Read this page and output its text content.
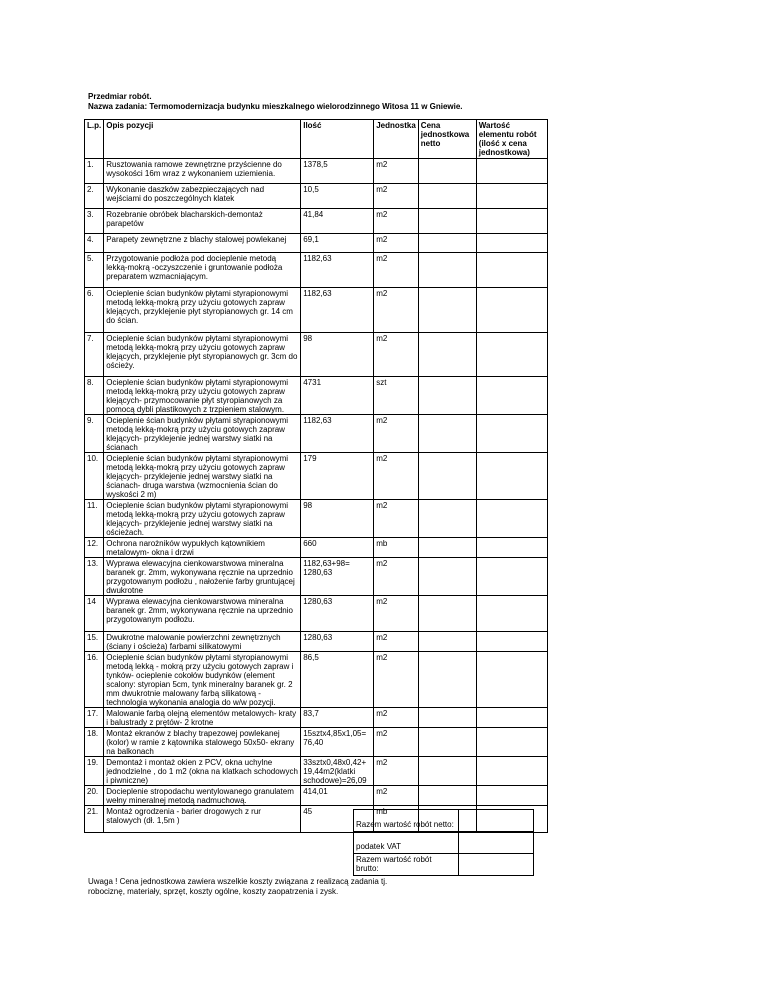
Przedmiar robót.
Nazwa zadania: Termomodernizacja budynku mieszkalnego wielorodzinnego Witosa 11 w Gniewie.
L.p.	Opis pozycji	Ilość	Jednostka	Cena jednostkowa netto	Wartość elementu robót (ilość x cena jednostkowa)
1.	Rusztowania ramowe zewnętrzne przyścienne do wysokości 16m wraz z wykonaniem uziemienia.	1378,5	m2		
2.	Wykonanie daszków zabezpieczających nad wejściami do poszczególnych klatek	10,5	m2		
3.	Rozebranie obróbek blacharskich-demontaż parapetów	41,84	m2		
4.	Parapety zewnętrzne z blachy stalowej powlekanej	69,1	m2		
5.	Przygotowanie podłoża pod docieplenie metodą lekką-mokrą -oczyszczenie i gruntowanie podłoża preparatem wzmacniającym.	1182,63	m2		
6.	Ocieplenie ścian budynków płytami styrapionowymi metodą lekką-mokrą przy użyciu gotowych zapraw klejących, przyklejenie płyt styropianowych gr. 14 cm do ścian.	1182,63	m2		
7.	Ocieplenie ścian budynków płytami styrapionowymi metodą lekką-mokrą przy użyciu gotowych zapraw klejących, przyklejenie płyt styropianowych gr. 3cm do ościeży.	98	m2		
8.	Ocieplenie ścian budynków płytami styrapionowymi metodą lekką-mokrą przy użyciu gotowych zapraw klejących- przymocowanie płyt styropianowych za pomocą dybli plastikowych z trzpieniem stalowym.	4731	szt		
9.	Ocieplenie ścian budynków płytami styrapionowymi metodą lekką-mokrą przy użyciu gotowych zapraw klejących- przyklejenie jednej warstwy siatki na ścianach	1182,63	m2		
10.	Ocieplenie ścian budynków płytami styrapionowymi metodą lekką-mokrą przy użyciu gotowych zapraw klejących- przyklejenie jednej warstwy siatki na ścianach- druga warstwa (wzmocnienia ścian do wyskości 2 m)	179	m2		
11.	Ocieplenie ścian budynków płytami styrapionowymi metodą lekką-mokrą przy użyciu gotowych zapraw klejących- przyklejenie jednej warstwy siatki na ościeżach.	98	m2		
12.	Ochrona narożników wypukłych kątownikiem metalowym- okna i drzwi	660	mb		
13.	Wyprawa elewacyjna cienkowarstwowa mineralna baranek gr. 2mm, wykonywana ręcznie na uprzednio przygotowanym podłożu , nałożenie farby gruntującej dwukrotne	1182,63+98= 1280,63	m2		
14	Wyprawa elewacyjna cienkowarstwowa mineralna baranek gr. 2mm, wykonywana ręcznie na uprzednio przygotowanym podłożu.	1280,63	m2		
15.	Dwukrotne malowanie powierzchni zewnętrznych (ściany i ościeża) farbami silikatowymi	1280,63	m2		
16.	Ocieplenie ścian budynków płytami styropianowymi metodą lekką - mokrą przy użyciu gotowych zapraw i tynków- ocieplenie cokołów budynków (element scalony: styropian 5cm, tynk mineralny baranek gr. 2 mm dwukrotnie malowany farbą silikatową - technologia wykonania analogia do w/w pozycji.	86,5	m2		
17.	Malowanie farbą olejną elementów metalowych- kraty i balustrady z prętów- 2 krotne	83,7	m2		
18.	Montaż ekranów z blachy trapezowej powlekanej (kolor) w ramie z kątownika stalowego 50x50- ekrany na balkonach	15sztx4,85x1,05= 76,40	m2		
19.	Demontaż i montaż okien z PCV, okna uchylne jednodzielne , do 1 m2 (okna na klatkach schodowych i piwniczne)	33sztx0,48x0,42+ 19,44m2(klatki schodowe)=26,09	m2		
20.	Docieplenie stropodachu wentylowanego granulatem wełny mineralnej metodą nadmuchową.	414,01	m2		
21.	Montaż ogrodzenia - barier drogowych z rur stalowych (dł. 1,5m )	45	mb		
Razem wartość robót netto:	
podatek VAT	
Razem wartość robót brutto:	
Uwaga ! Cena jednostkowa zawiera wszelkie koszty związana z realizacą zadania tj.
robociznę, materiały, sprzęt, koszty ogólne, koszty zaopatrzenia i zysk.
